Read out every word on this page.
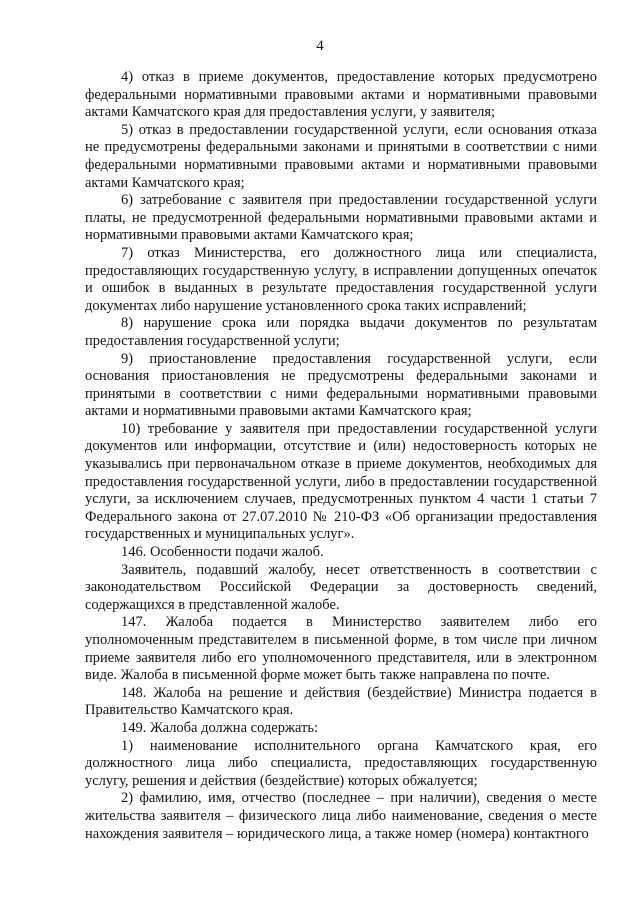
4

4) отказ в приеме документов, предоставление которых предусмотрено федеральными нормативными правовыми актами и нормативными правовыми актами Камчатского края для предоставления услуги, у заявителя;

5) отказ в предоставлении государственной услуги, если основания отказа не предусмотрены федеральными законами и принятыми в соответствии с ними федеральными нормативными правовыми актами и нормативными правовыми актами Камчатского края;

6) затребование с заявителя при предоставлении государственной услуги платы, не предусмотренной федеральными нормативными правовыми актами и нормативными правовыми актами Камчатского края;

7) отказ Министерства, его должностного лица или специалиста, предоставляющих государственную услугу, в исправлении допущенных опечаток и ошибок в выданных в результате предоставления государственной услуги документах либо нарушение установленного срока таких исправлений;

8) нарушение срока или порядка выдачи документов по результатам предоставления государственной услуги;

9) приостановление предоставления государственной услуги, если основания приостановления не предусмотрены федеральными законами и принятыми в соответствии с ними федеральными нормативными правовыми актами и нормативными правовыми актами Камчатского края;

10) требование у заявителя при предоставлении государственной услуги документов или информации, отсутствие и (или) недостоверность которых не указывались при первоначальном отказе в приеме документов, необходимых для предоставления государственной услуги, либо в предоставлении государственной услуги, за исключением случаев, предусмотренных пунктом 4 части 1 статьи 7 Федерального закона от 27.07.2010 № 210-ФЗ «Об организации предоставления государственных и муниципальных услуг».

146. Особенности подачи жалоб.

Заявитель, подавший жалобу, несет ответственность в соответствии с законодательством Российской Федерации за достоверность сведений, содержащихся в представленной жалобе.

147. Жалоба подается в Министерство заявителем либо его уполномоченным представителем в письменной форме, в том числе при личном приеме заявителя либо его уполномоченного представителя, или в электронном виде. Жалоба в письменной форме может быть также направлена по почте.

148. Жалоба на решение и действия (бездействие) Министра подается в Правительство Камчатского края.

149. Жалоба должна содержать:

1) наименование исполнительного органа Камчатского края, его должностного лица либо специалиста, предоставляющих государственную услугу, решения и действия (бездействие) которых обжалуется;

2) фамилию, имя, отчество (последнее – при наличии), сведения о месте жительства заявителя – физического лица либо наименование, сведения о месте нахождения заявителя – юридического лица, а также номер (номера) контактного
